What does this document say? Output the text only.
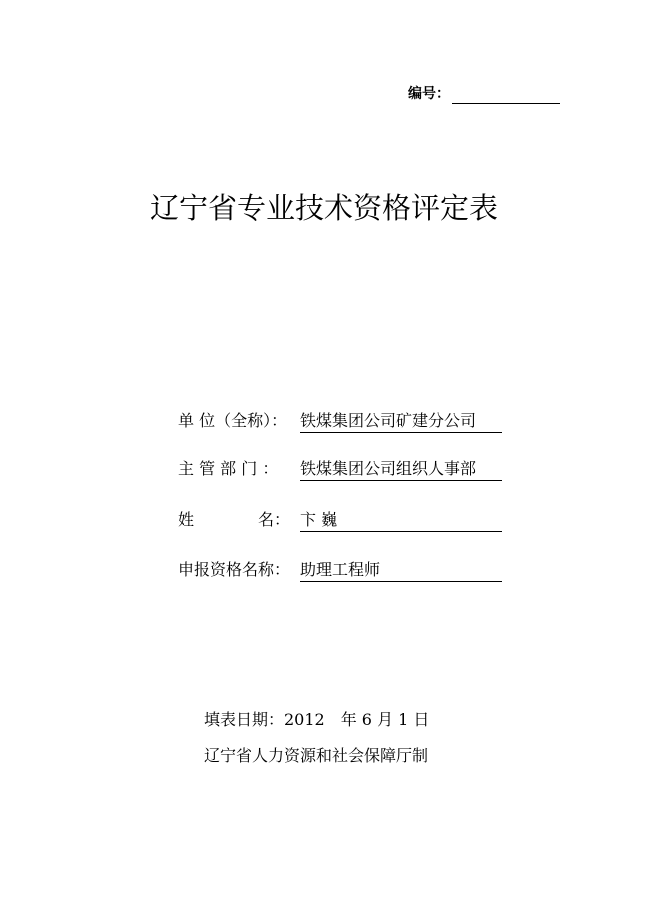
编号：
辽宁省专业技术资格评定表
单 位（全称）： 铁煤集团公司矿建分公司
主 管 部 门 ： 铁煤集团公司组织人事部
姓　　　　名： 卞 巍
申报资格名称： 助理工程师
填表日期：2012　年 6 月 1 日
辽宁省人力资源和社会保障厅制
